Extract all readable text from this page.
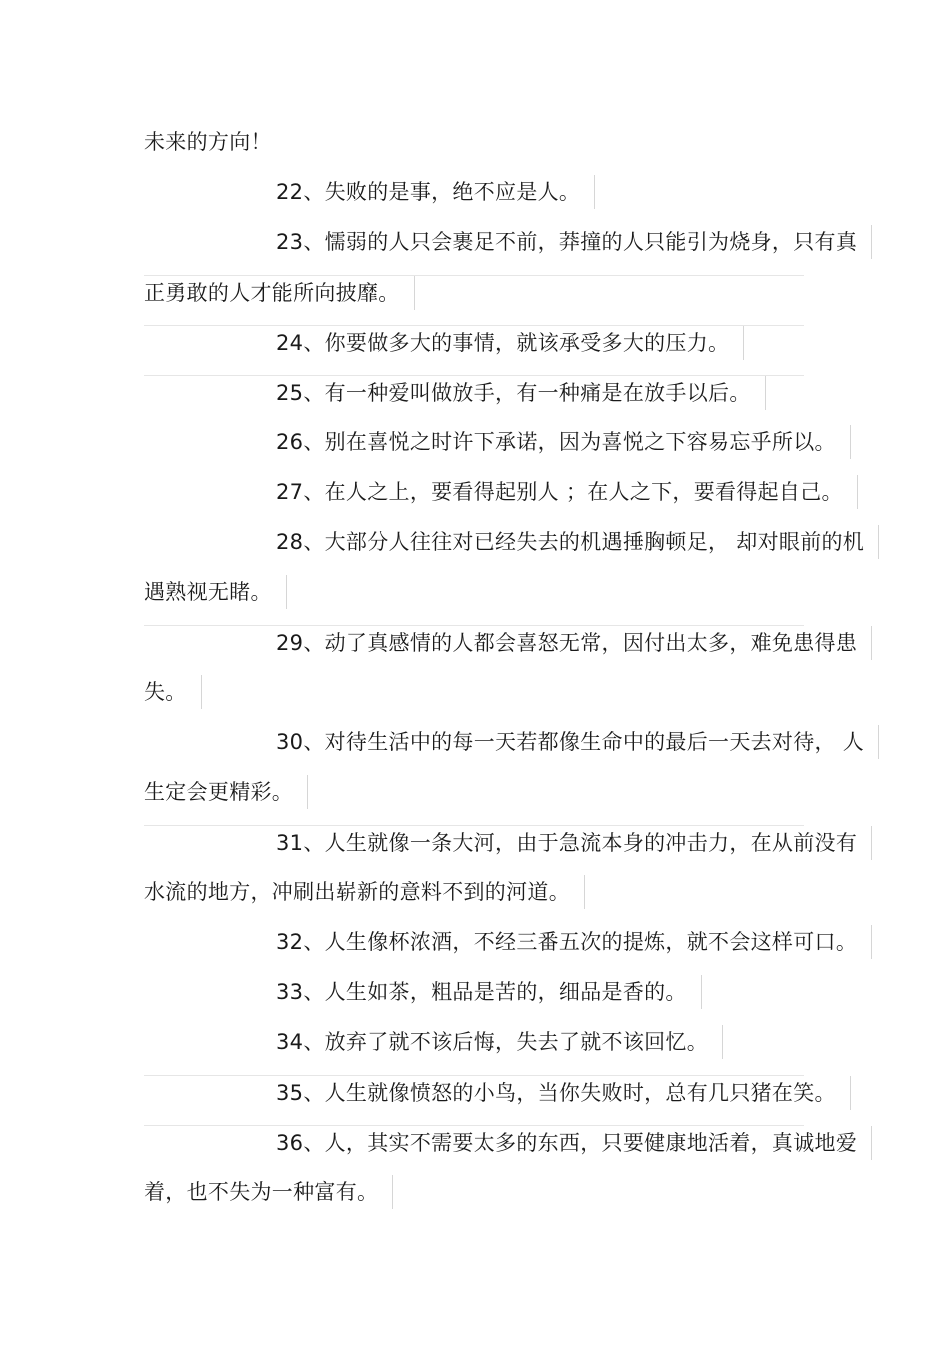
未来的方向！
22、失败的是事，绝不应是人。
23、懦弱的人只会裹足不前，莽撞的人只能引为烧身，只有真
正勇敢的人才能所向披靡。
24、你要做多大的事情，就该承受多大的压力。
25、有一种爱叫做放手，有一种痛是在放手以后。
26、别在喜悦之时许下承诺，因为喜悦之下容易忘乎所以。
27、在人之上，要看得起别人 ；在人之下，要看得起自己。
28、大部分人往往对已经失去的机遇捶胸顿足， 却对眼前的机
遇熟视无睹。
29、动了真感情的人都会喜怒无常，因付出太多，难免患得患
失。
30、对待生活中的每一天若都像生命中的最后一天去对待， 人
生定会更精彩。
31、人生就像一条大河，由于急流本身的冲击力，在从前没有
水流的地方，冲刷出崭新的意料不到的河道。
32、人生像杯浓酒，不经三番五次的提炼，就不会这样可口。
33、人生如茶，粗品是苦的，细品是香的。
34、放弃了就不该后悔，失去了就不该回忆。
35、人生就像愤怒的小鸟，当你失败时，总有几只猪在笑。
36、人，其实不需要太多的东西，只要健康地活着，真诚地爱
着，也不失为一种富有。
